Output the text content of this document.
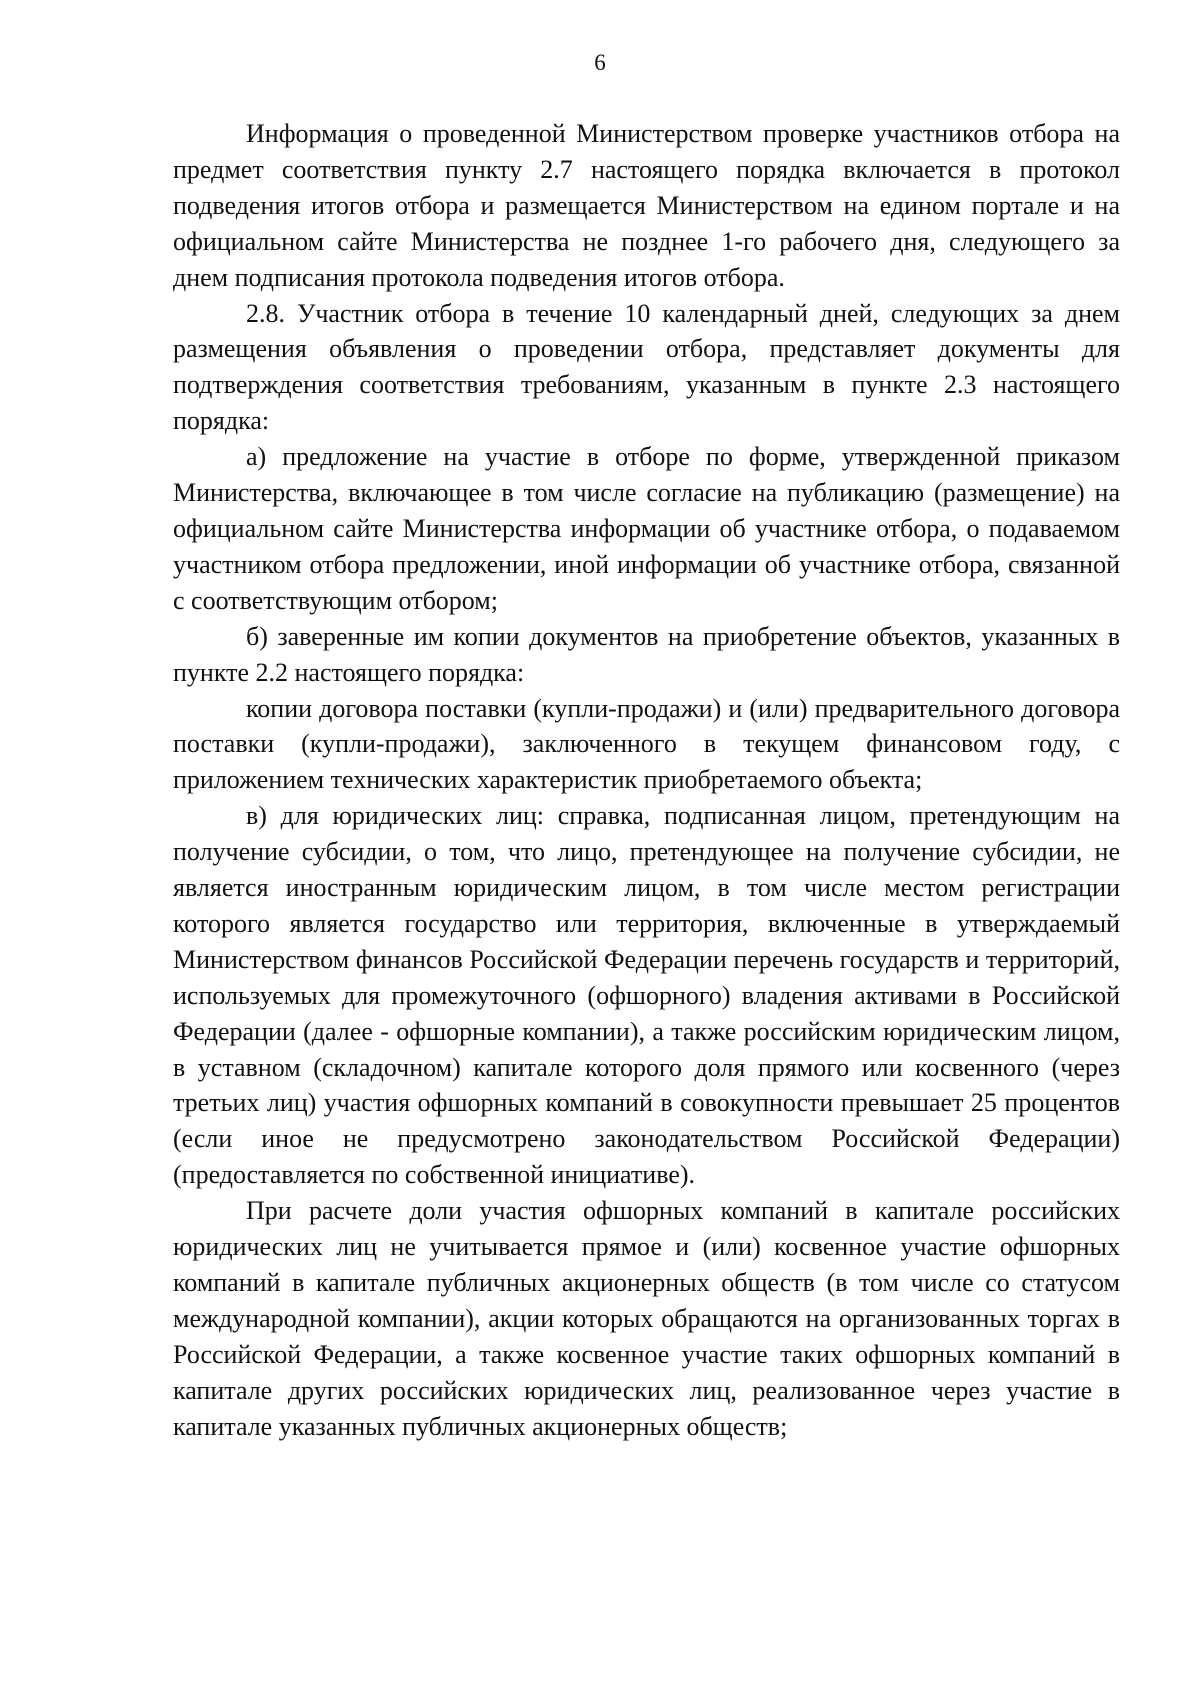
6

Информация о проведенной Министерством проверке участников отбора на предмет соответствия пункту 2.7 настоящего порядка включается в протокол подведения итогов отбора и размещается Министерством на едином портале и на официальном сайте Министерства не позднее 1-го рабочего дня, следующего за днем подписания протокола подведения итогов отбора.

2.8. Участник отбора в течение 10 календарный дней, следующих за днем размещения объявления о проведении отбора, представляет документы для подтверждения соответствия требованиям, указанным в пункте 2.3 настоящего порядка:

а) предложение на участие в отборе по форме, утвержденной приказом Министерства, включающее в том числе согласие на публикацию (размещение) на официальном сайте Министерства информации об участнике отбора, о подаваемом участником отбора предложении, иной информации об участнике отбора, связанной с соответствующим отбором;

б) заверенные им копии документов на приобретение объектов, указанных в пункте 2.2 настоящего порядка:

копии договора поставки (купли-продажи) и (или) предварительного договора поставки (купли-продажи), заключенного в текущем финансовом году, с приложением технических характеристик приобретаемого объекта;

в) для юридических лиц: справка, подписанная лицом, претендующим на получение субсидии, о том, что лицо, претендующее на получение субсидии, не является иностранным юридическим лицом, в том числе местом регистрации которого является государство или территория, включенные в утверждаемый Министерством финансов Российской Федерации перечень государств и территорий, используемых для промежуточного (офшорного) владения активами в Российской Федерации (далее - офшорные компании), а также российским юридическим лицом, в уставном (складочном) капитале которого доля прямого или косвенного (через третьих лиц) участия офшорных компаний в совокупности превышает 25 процентов (если иное не предусмотрено законодательством Российской Федерации) (предоставляется по собственной инициативе).

При расчете доли участия офшорных компаний в капитале российских юридических лиц не учитывается прямое и (или) косвенное участие офшорных компаний в капитале публичных акционерных обществ (в том числе со статусом международной компании), акции которых обращаются на организованных торгах в Российской Федерации, а также косвенное участие таких офшорных компаний в капитале других российских юридических лиц, реализованное через участие в капитале указанных публичных акционерных обществ;
